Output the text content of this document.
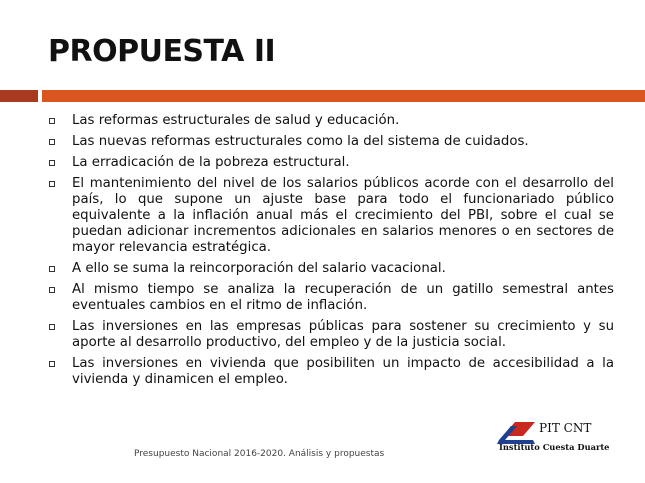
PROPUESTA II
Las reformas estructurales de salud y educación.
Las nuevas reformas estructurales como la del sistema de cuidados.
La erradicación de la pobreza estructural.
El mantenimiento del nivel de los salarios públicos acorde con el desarrollo del país, lo que supone un ajuste base para todo el funcionariado público equivalente a la inflación anual más el crecimiento del PBI, sobre el cual se puedan adicionar incrementos adicionales en salarios menores o en sectores de mayor relevancia estratégica.
A ello se suma la reincorporación del salario vacacional.
Al mismo tiempo se analiza la recuperación de un gatillo semestral antes eventuales cambios en el ritmo de inflación.
Las inversiones en las empresas públicas para sostener su crecimiento y su aporte al desarrollo productivo, del empleo y de la justicia social.
Las inversiones en vivienda que posibiliten un impacto de accesibilidad a la vivienda y dinamicen el empleo.
Presupuesto Nacional 2016-2020. Análisis y propuestas
PIT CNT
Instituto Cuesta Duarte
